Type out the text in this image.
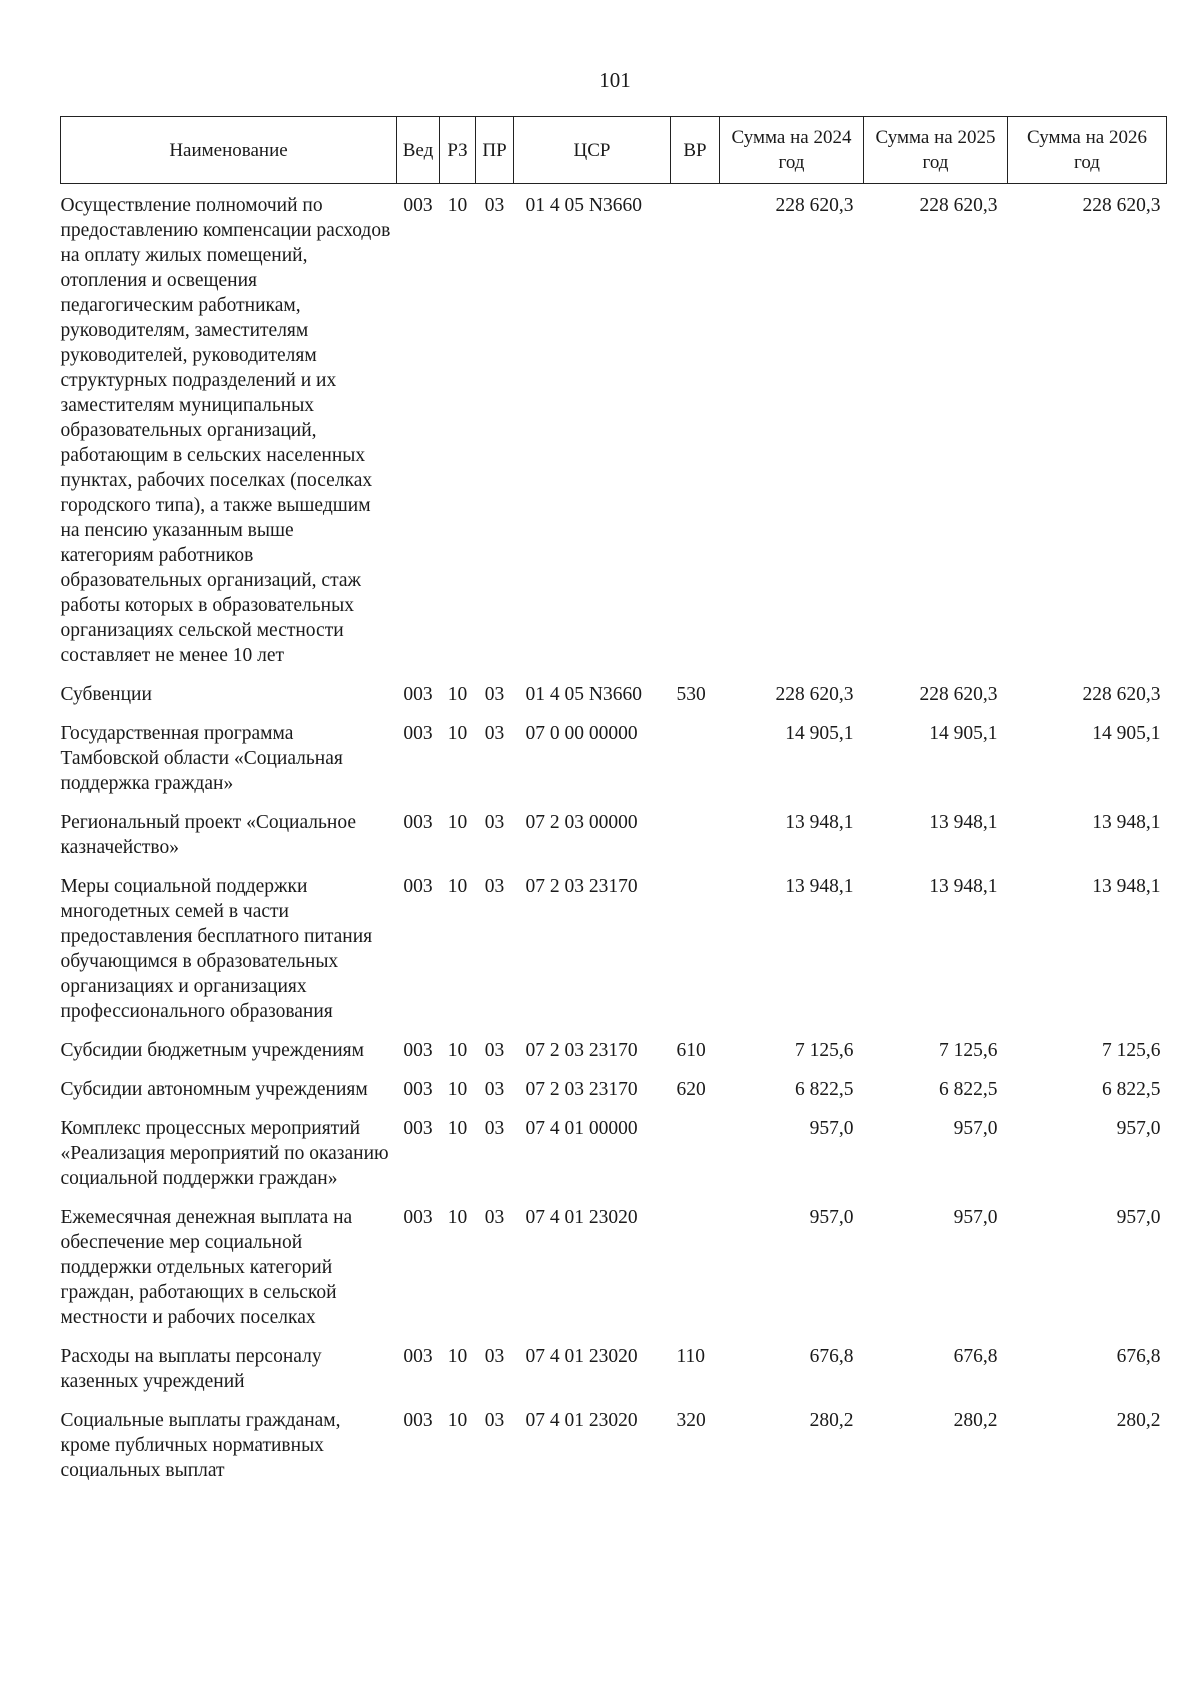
101
Наименование	Вед	РЗ	ПР	ЦСР	ВР	Сумма на 2024 год	Сумма на 2025 год	Сумма на 2026 год
Осуществление полномочий по предоставлению компенсации расходов на оплату жилых помещений, отопления и освещения педагогическим работникам, руководителям, заместителям руководителей, руководителям структурных подразделений и их заместителям муниципальных образовательных организаций, работающим в сельских населенных пунктах, рабочих поселках (поселках городского типа), а также вышедшим на пенсию указанным выше категориям работников образовательных организаций, стаж работы которых в образовательных организациях сельской местности составляет не менее 10 лет	003	10	03	01 4 05 N3660		228 620,3	228 620,3	228 620,3
Субвенции	003	10	03	01 4 05 N3660	530	228 620,3	228 620,3	228 620,3
Государственная программа Тамбовской области «Социальная поддержка граждан»	003	10	03	07 0 00 00000		14 905,1	14 905,1	14 905,1
Региональный проект «Социальное казначейство»	003	10	03	07 2 03 00000		13 948,1	13 948,1	13 948,1
Меры социальной поддержки многодетных семей в части предоставления бесплатного питания обучающимся в образовательных организациях и организациях профессионального образования	003	10	03	07 2 03 23170		13 948,1	13 948,1	13 948,1
Субсидии бюджетным учреждениям	003	10	03	07 2 03 23170	610	7 125,6	7 125,6	7 125,6
Субсидии автономным учреждениям	003	10	03	07 2 03 23170	620	6 822,5	6 822,5	6 822,5
Комплекс процессных мероприятий «Реализация мероприятий по оказанию социальной поддержки граждан»	003	10	03	07 4 01 00000		957,0	957,0	957,0
Ежемесячная денежная выплата на обеспечение мер социальной поддержки отдельных категорий граждан, работающих в сельской местности и рабочих поселках	003	10	03	07 4 01 23020		957,0	957,0	957,0
Расходы на выплаты персоналу казенных учреждений	003	10	03	07 4 01 23020	110	676,8	676,8	676,8
Социальные выплаты гражданам, кроме публичных нормативных социальных выплат	003	10	03	07 4 01 23020	320	280,2	280,2	280,2
